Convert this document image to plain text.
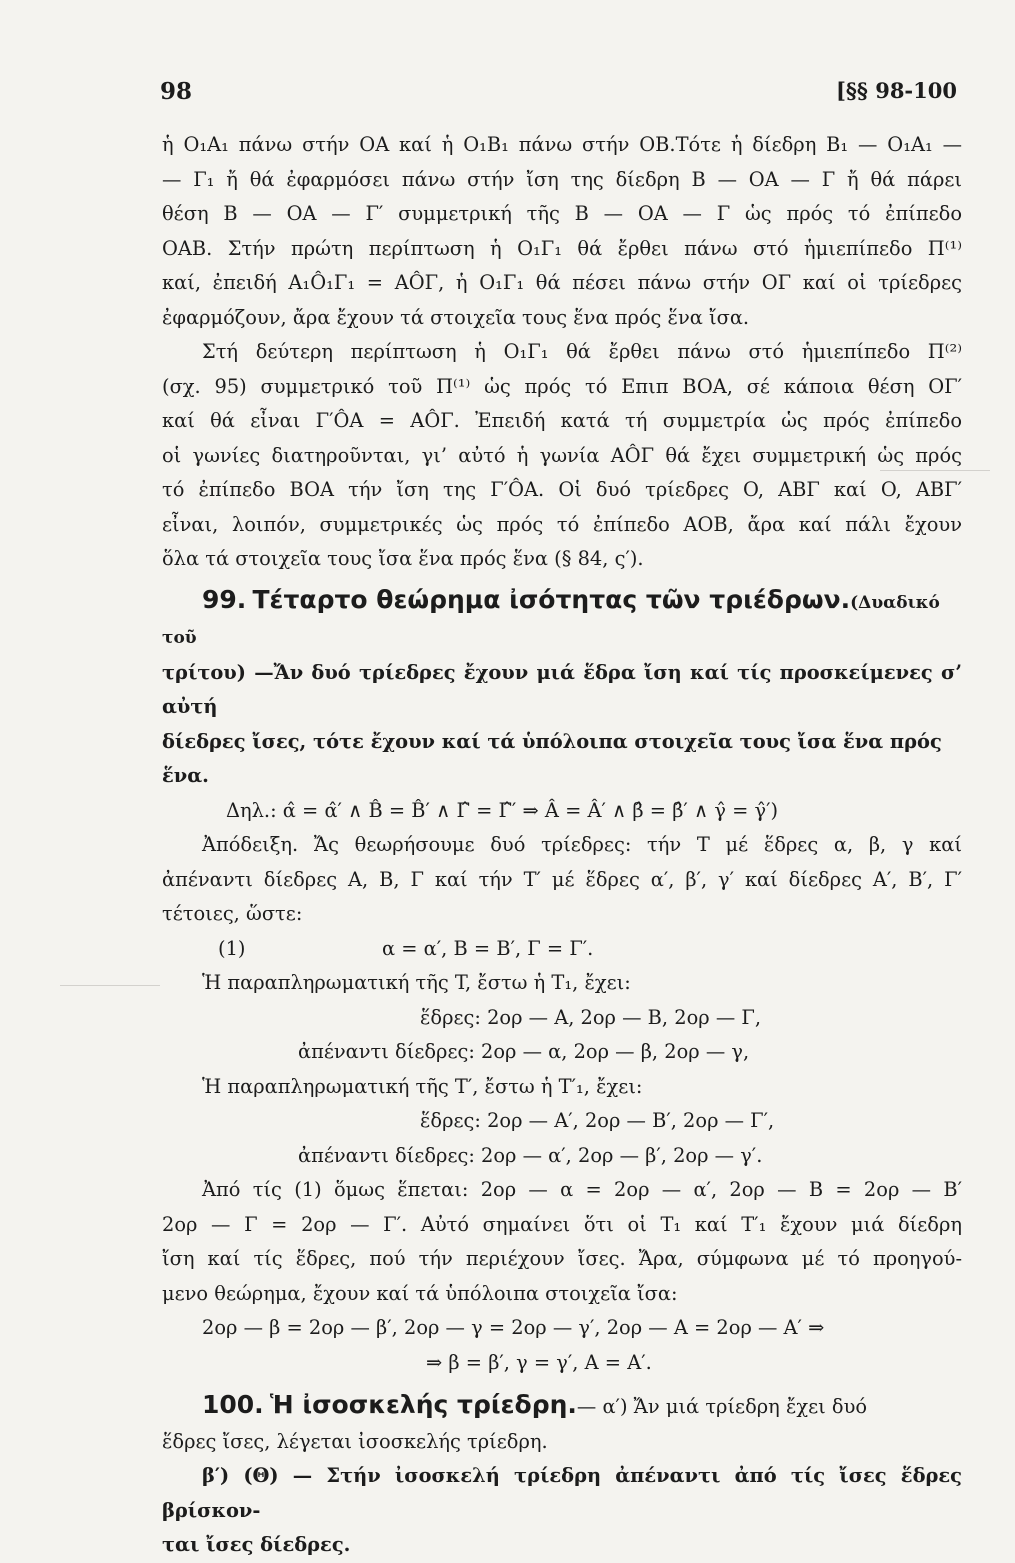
98	[§§ 98-100

ἡ O₁A₁ πάνω στήν OA καί ἡ O₁B₁ πάνω στήν OB.Τότε ἡ δίεδρη B₁ — O₁A₁ —

— Γ₁ ἤ θά ἐφαρμόσει πάνω στήν ἴση της δίεδρη B — OA — Γ ἤ θά πάρει

θέση B — OA — Γ′ συμμετρική τῆς B — OA — Γ ὡς πρός τό ἐπίπεδο

OAB. Στήν πρώτη περίπτωση ἡ O₁Γ₁ θά ἔρθει πάνω στό ἡμιεπίπεδο Π⁽¹⁾

καί, ἐπειδή A₁Ô₁Γ₁ = AÔΓ, ἡ O₁Γ₁ θά πέσει πάνω στήν OΓ καί οἱ τρίεδρες

ἐφαρμόζουν, ἄρα ἔχουν τά στοιχεῖα τους ἕνα πρός ἕνα ἴσα.

Στή δεύτερη περίπτωση ἡ O₁Γ₁ θά ἔρθει πάνω στό ἡμιεπίπεδο Π⁽²⁾

(σχ. 95) συμμετρικό τοῦ Π⁽¹⁾ ὡς πρός τό Επιπ BOA, σέ κάποια θέση OΓ′

καί θά εἶναι Γ′ÔA = AÔΓ. Ἐπειδή κατά τή συμμετρία ὡς πρός ἐπίπεδο

οἱ γωνίες διατηροῦνται, γι’ αὐτό ἡ γωνία AÔΓ θά ἔχει συμμετρική ὡς πρός

τό ἐπίπεδο BOA τήν ἴση της Γ′ÔA. Οἱ δυό τρίεδρες O, ABΓ καί O, ABΓ′

εἶναι, λοιπόν, συμμετρικές ὡς πρός τό ἐπίπεδο AOB, ἄρα καί πάλι ἔχουν

ὅλα τά στοιχεῖα τους ἴσα ἕνα πρός ἕνα (§ 84, ς′).

99. Τέταρτο θεώρημα ἰσότητας τῶν τριέδρων.(Δυαδικό τοῦ

τρίτου) —Ἄν δυό τρίεδρες ἔχουν μιά ἕδρα ἴση καί τίς προσκείμενες σ’ αὐτή

δίεδρες ἴσες, τότε ἔχουν καί τά ὑπόλοιπα στοιχεῖα τους ἴσα ἕνα πρός ἕνα.

Δηλ.: α̂ = α̂′ ∧ B̂ = B̂′ ∧ Γ̂ = Γ̂′ ⇒ Â = Â′ ∧ β̂ = β̂′ ∧ γ̂ = γ̂′)

Ἀπόδειξη. Ἄς θεωρήσουμε δυό τρίεδρες: τήν T μέ ἕδρες α, β, γ καί

ἀπέναντι δίεδρες A, B, Γ καί τήν T′ μέ ἕδρες α′, β′, γ′ καί δίεδρες A′, B′, Γ′

τέτοιες, ὥστε:

(1)	α = α′, B = B′, Γ = Γ′.

Ἡ παραπληρωματική τῆς T, ἔστω ἡ T₁, ἔχει:

ἕδρες: 2ορ — A, 2ορ — B, 2ορ — Γ,

ἀπέναντι δίεδρες: 2ορ — α, 2ορ — β, 2ορ — γ,

Ἡ παραπληρωματική τῆς T′, ἔστω ἡ T′₁, ἔχει:

ἕδρες: 2ορ — A′, 2ορ — B′, 2ορ — Γ′,

ἀπέναντι δίεδρες: 2ορ — α′, 2ορ — β′, 2ορ — γ′.

Ἀπό τίς (1) ὅμως ἕπεται: 2ορ — α = 2ορ — α′, 2ορ — B = 2ορ — B′

2ορ — Γ = 2ορ — Γ′. Αὐτό σημαίνει ὅτι οἱ T₁ καί T′₁ ἔχουν μιά δίεδρη

ἴση καί τίς ἕδρες, πού τήν περιέχουν ἴσες. Ἄρα, σύμφωνα μέ τό προηγού-

μενο θεώρημα, ἔχουν καί τά ὑπόλοιπα στοιχεῖα ἴσα:

2ορ — β = 2ορ — β′, 2ορ — γ = 2ορ — γ′, 2ορ — A = 2ορ — A′ ⇒

⇒ β = β′, γ = γ′, A = A′.

100. Ἡ ἰσοσκελής τρίεδρη.— α′) Ἄν μιά τρίεδρη ἔχει δυό

ἕδρες ἴσες, λέγεται ἰσοσκελής τρίεδρη.

β′) (Θ) — Στήν ἰσοσκελή τρίεδρη ἀπέναντι ἀπό τίς ἴσες ἕδρες βρίσκον-

ται ἴσες δίεδρες.
